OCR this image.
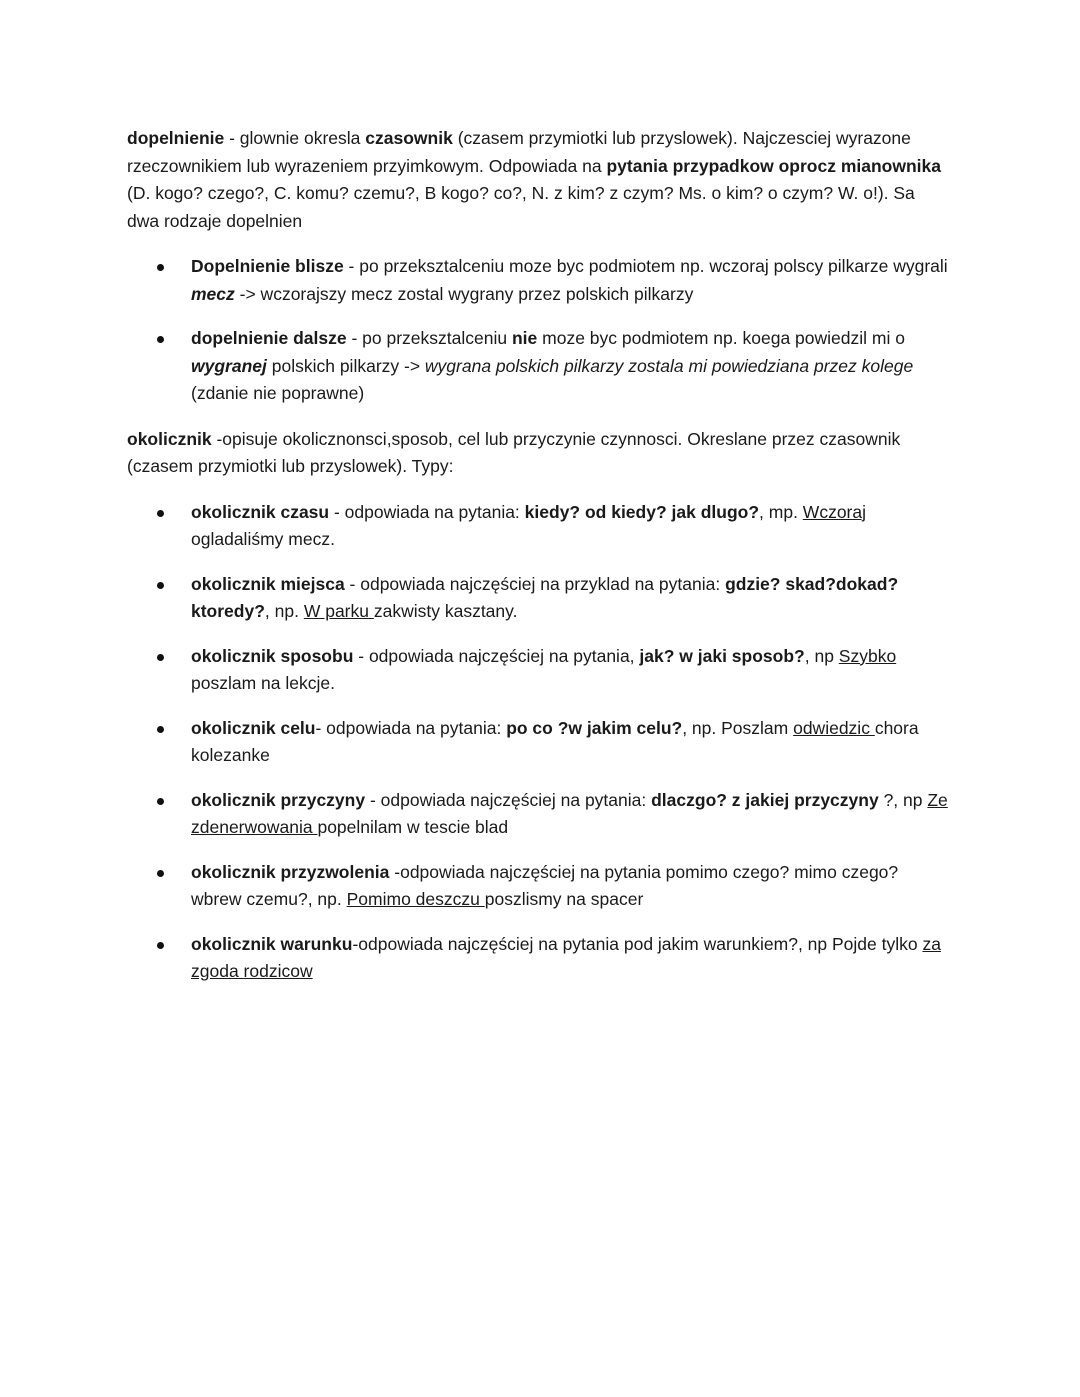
dopelnienie - glownie okresla czasownik (czasem przymiotki lub przyslowek). Najczesciej wyrazone rzeczownikiem lub wyrazeniem przyimkowym. Odpowiada na pytania przypadkow oprocz mianownika (D. kogo? czego?, C. komu? czemu?, B kogo? co?, N. z kim? z czym? Ms. o kim? o czym? W. o!). Sa dwa rodzaje dopelnien

Dopelnienie blisze - po przeksztalceniu moze byc podmiotem np. wczoraj polscy pilkarze wygrali mecz -> wczorajszy mecz zostal wygrany przez polskich pilkarzy
dopelnienie dalsze - po przeksztalceniu nie moze byc podmiotem np. koega powiedzil mi o wygranej polskich pilkarzy -> wygrana polskich pilkarzy zostala mi powiedziana przez kolege (zdanie nie poprawne)

okolicznik -opisuje okolicznonsci,sposob, cel lub przyczynie czynnosci. Okreslane przez czasownik (czasem przymiotki lub przyslowek). Typy:

okolicznik czasu - odpowiada na pytania: kiedy? od kiedy? jak dlugo?, mp. Wczoraj ogladaliśmy mecz.
okolicznik miejsca - odpowiada najczęściej na przyklad na pytania: gdzie? skad?dokad? ktoredy?, np. W parku zakwisty kasztany.
okolicznik sposobu - odpowiada najczęściej na pytania, jak? w jaki sposob?, np Szybko poszlam na lekcje.
okolicznik celu- odpowiada na pytania: po co ?w jakim celu?, np. Poszlam odwiedzic chora kolezanke
okolicznik przyczyny - odpowiada najczęściej na pytania: dlaczgo? z jakiej przyczyny ?, np Ze zdenerwowania popelnilam w tescie blad
okolicznik przyzwolenia -odpowiada najczęściej na pytania pomimo czego? mimo czego? wbrew czemu?, np. Pomimo deszczu poszlismy na spacer
okolicznik warunku-odpowiada najczęściej na pytania pod jakim warunkiem?, np Pojde tylko za zgoda rodzicow
